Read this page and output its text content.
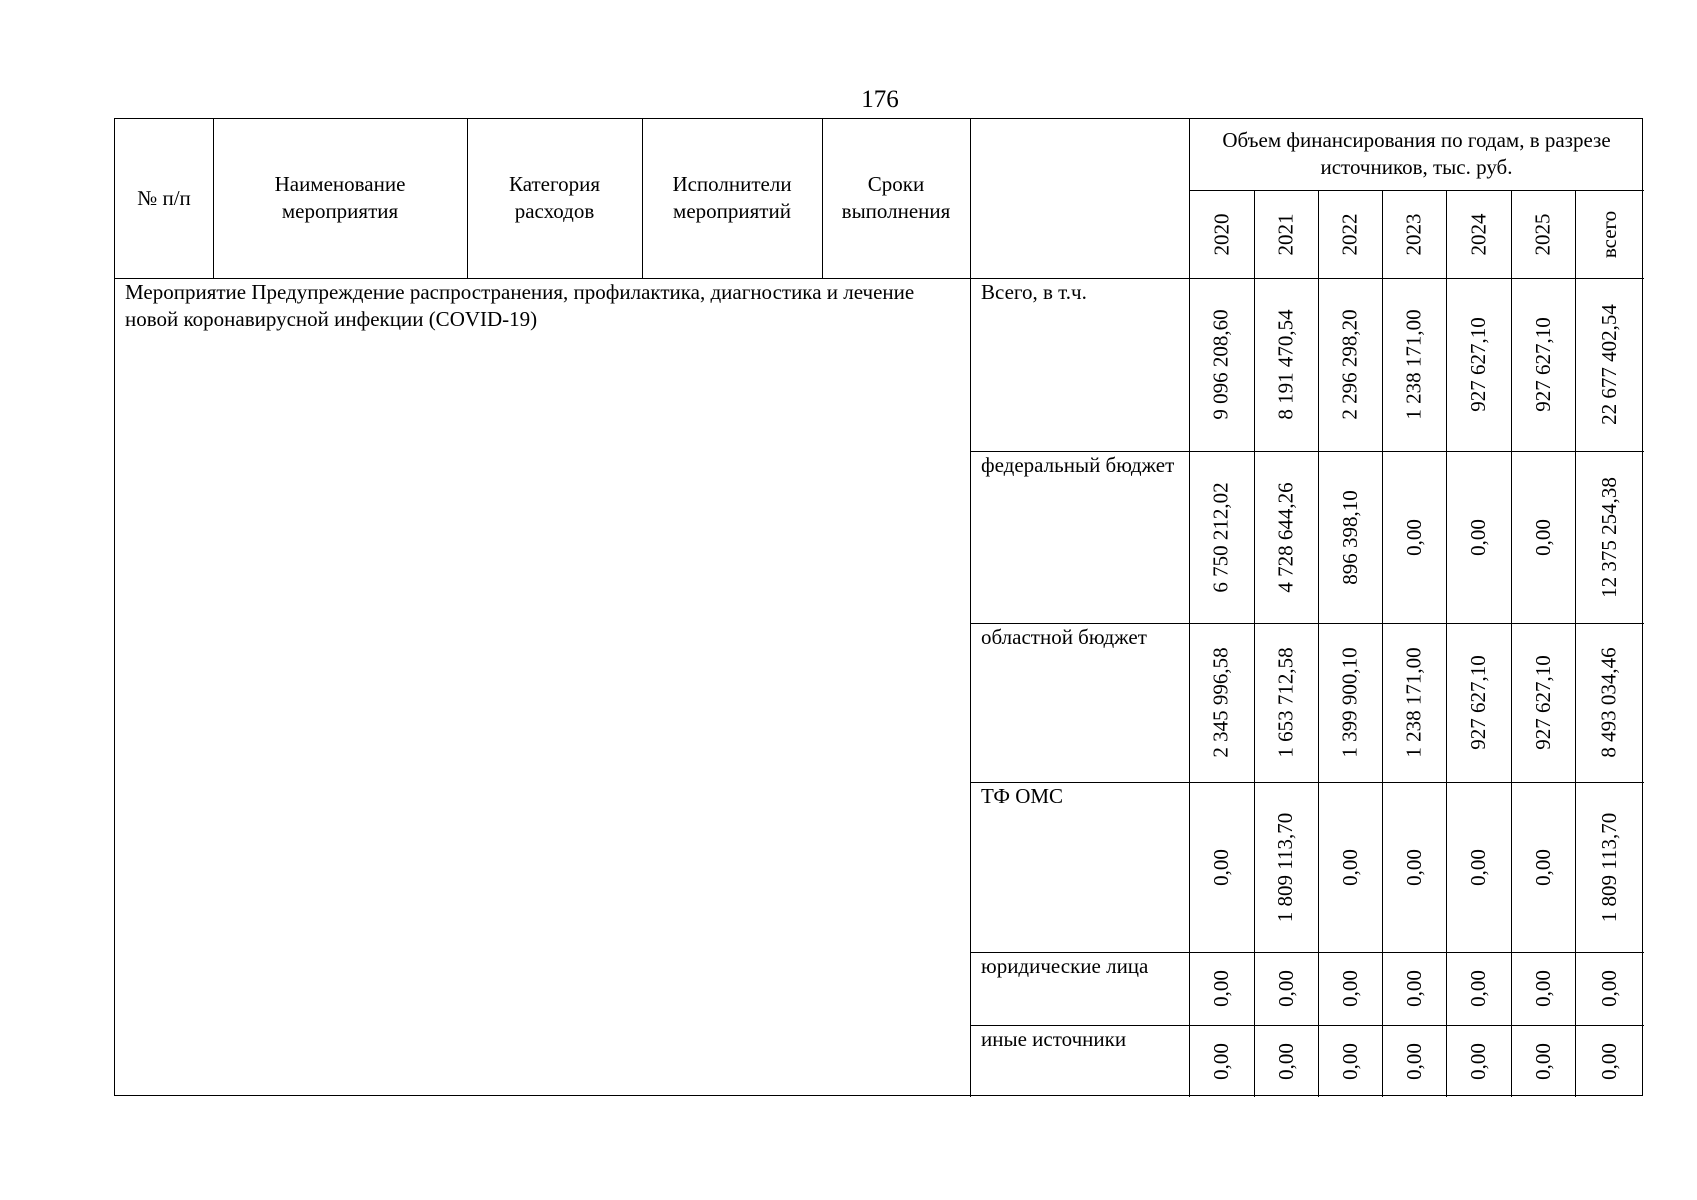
176
№ п/п
Наименование мероприятия
Категория расходов
Исполнители мероприятий
Сроки выполнения
Объем финансирования по годам, в разрезе источников, тыс. руб.
Мероприятие Предупреждение распространения, профилактика, диагностика и лечение новой коронавирусной инфекции (COVID-19)
2020 2021 2022 2023 2024 2025 всего
Всего, в т.ч.
9 096 208,60 8 191 470,54 2 296 298,20 1 238 171,00 927 627,10 927 627,10 22 677 402,54
федеральный бюджет
6 750 212,02 4 728 644,26 896 398,10 0,00 0,00 0,00 12 375 254,38
областной бюджет
2 345 996,58 1 653 712,58 1 399 900,10 1 238 171,00 927 627,10 927 627,10 8 493 034,46
ТФ ОМС
0,00 1 809 113,70 0,00 0,00 0,00 0,00 1 809 113,70
юридические лица
0,00 0,00 0,00 0,00 0,00 0,00 0,00
иные источники
0,00 0,00 0,00 0,00 0,00 0,00 0,00
